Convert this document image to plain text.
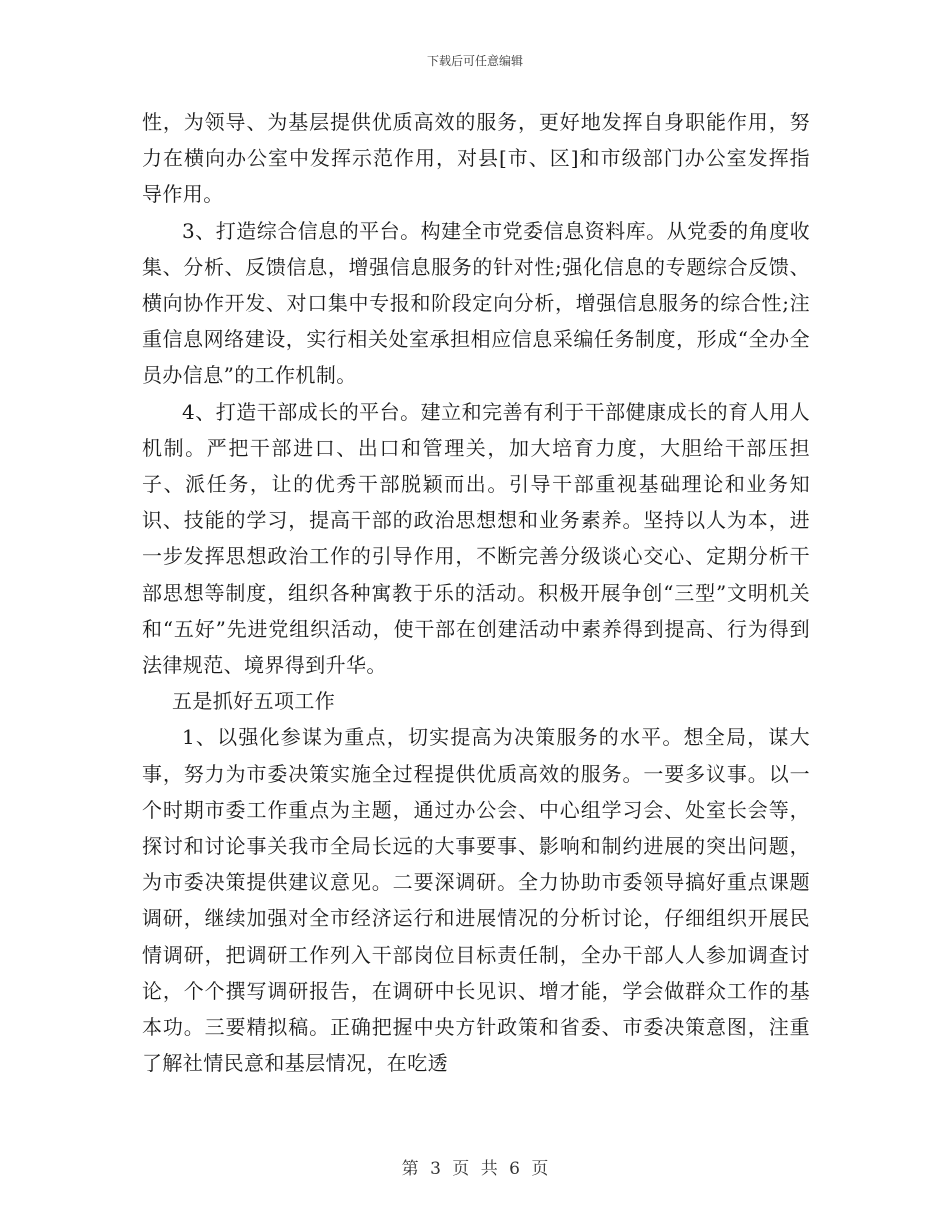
下载后可任意编辑

性，为领导、为基层提供优质高效的服务，更好地发挥自身职能作用，努力在横向办公室中发挥示范作用，对县[市、区]和市级部门办公室发挥指导作用。

3、打造综合信息的平台。构建全市党委信息资料库。从党委的角度收集、分析、反馈信息，增强信息服务的针对性;强化信息的专题综合反馈、横向协作开发、对口集中专报和阶段定向分析，增强信息服务的综合性;注重信息网络建设，实行相关处室承担相应信息采编任务制度，形成“全办全员办信息”的工作机制。

4、打造干部成长的平台。建立和完善有利于干部健康成长的育人用人机制。严把干部进口、出口和管理关，加大培育力度，大胆给干部压担子、派任务，让的优秀干部脱颖而出。引导干部重视基础理论和业务知识、技能的学习，提高干部的政治思想想和业务素养。坚持以人为本，进一步发挥思想政治工作的引导作用，不断完善分级谈心交心、定期分析干部思想等制度，组织各种寓教于乐的活动。积极开展争创“三型”文明机关和“五好”先进党组织活动，使干部在创建活动中素养得到提高、行为得到法律规范、境界得到升华。

五是抓好五项工作

1、以强化参谋为重点，切实提高为决策服务的水平。想全局，谋大事，努力为市委决策实施全过程提供优质高效的服务。一要多议事。以一个时期市委工作重点为主题，通过办公会、中心组学习会、处室长会等，探讨和讨论事关我市全局长远的大事要事、影响和制约进展的突出问题，为市委决策提供建议意见。二要深调研。全力协助市委领导搞好重点课题调研，继续加强对全市经济运行和进展情况的分析讨论，仔细组织开展民情调研，把调研工作列入干部岗位目标责任制，全办干部人人参加调查讨论，个个撰写调研报告，在调研中长见识、增才能，学会做群众工作的基本功。三要精拟稿。正确把握中央方针政策和省委、市委决策意图，注重了解社情民意和基层情况，在吃透

第 3 页 共 6 页
